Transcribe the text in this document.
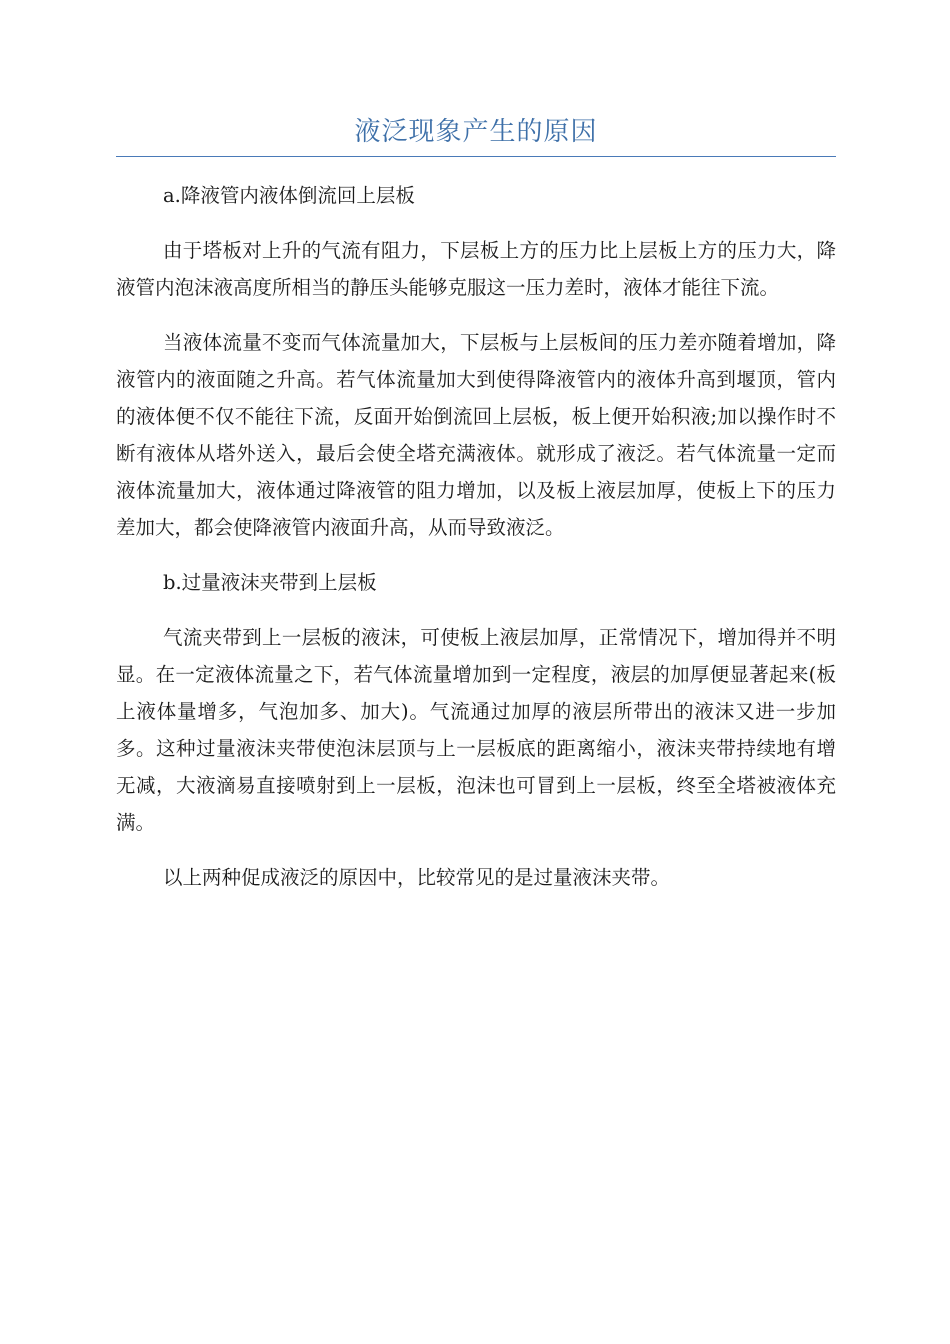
液泛现象产生的原因

a.降液管内液体倒流回上层板

由于塔板对上升的气流有阻力，下层板上方的压力比上层板上方的压力大，降液管内泡沫液高度所相当的静压头能够克服这一压力差时，液体才能往下流。

当液体流量不变而气体流量加大，下层板与上层板间的压力差亦随着增加，降液管内的液面随之升高。若气体流量加大到使得降液管内的液体升高到堰顶，管内的液体便不仅不能往下流，反面开始倒流回上层板，板上便开始积液;加以操作时不断有液体从塔外送入，最后会使全塔充满液体。就形成了液泛。若气体流量一定而液体流量加大，液体通过降液管的阻力增加，以及板上液层加厚，使板上下的压力差加大，都会使降液管内液面升高，从而导致液泛。

b.过量液沫夹带到上层板

气流夹带到上一层板的液沫，可使板上液层加厚，正常情况下，增加得并不明显。在一定液体流量之下，若气体流量增加到一定程度，液层的加厚便显著起来(板上液体量增多，气泡加多、加大)。气流通过加厚的液层所带出的液沫又进一步加多。这种过量液沫夹带使泡沫层顶与上一层板底的距离缩小，液沫夹带持续地有增无减，大液滴易直接喷射到上一层板，泡沫也可冒到上一层板，终至全塔被液体充满。

以上两种促成液泛的原因中，比较常见的是过量液沫夹带。
